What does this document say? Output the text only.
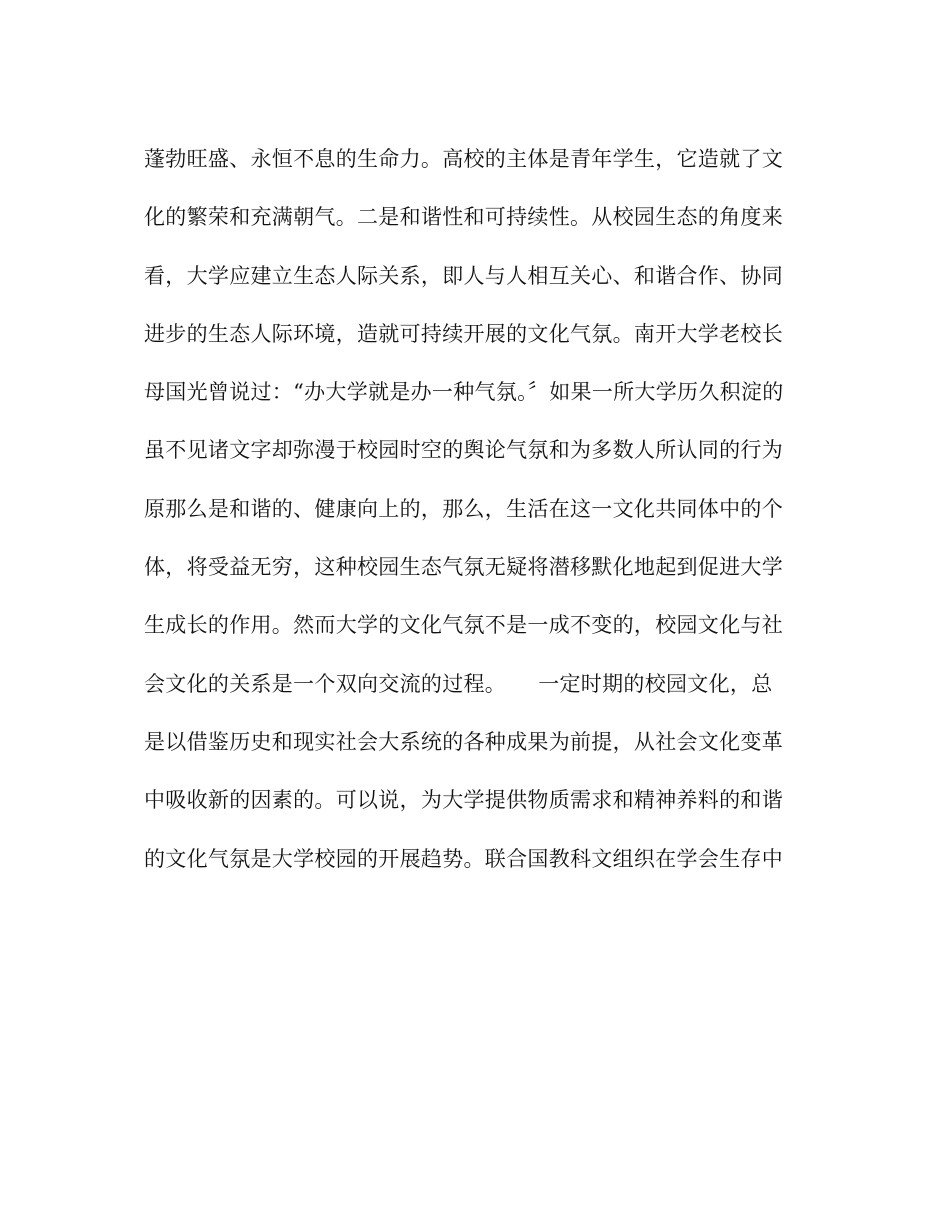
蓬勃旺盛、永恒不息的生命力。高校的主体是青年学生，它造就了文
化的繁荣和充满朝气。二是和谐性和可持续性。从校园生态的角度来
看，大学应建立生态人际关系，即人与人相互关心、和谐合作、协同
进步的生态人际环境，造就可持续开展的文化气氛。南开大学老校长
母国光曾说过：“办大学就是办一种气氛。〞如果一所大学历久积淀的
虽不见诸文字却弥漫于校园时空的舆论气氛和为多数人所认同的行为
原那么是和谐的、健康向上的，那么，生活在这一文化共同体中的个
体，将受益无穷，这种校园生态气氛无疑将潜移默化地起到促进大学
生成长的作用。然而大学的文化气氛不是一成不变的，校园文化与社
会文化的关系是一个双向交流的过程。　　一定时期的校园文化，总
是以借鉴历史和现实社会大系统的各种成果为前提，从社会文化变革
中吸收新的因素的。可以说，为大学提供物质需求和精神养料的和谐
的文化气氛是大学校园的开展趋势。联合国教科文组织在学会生存中
